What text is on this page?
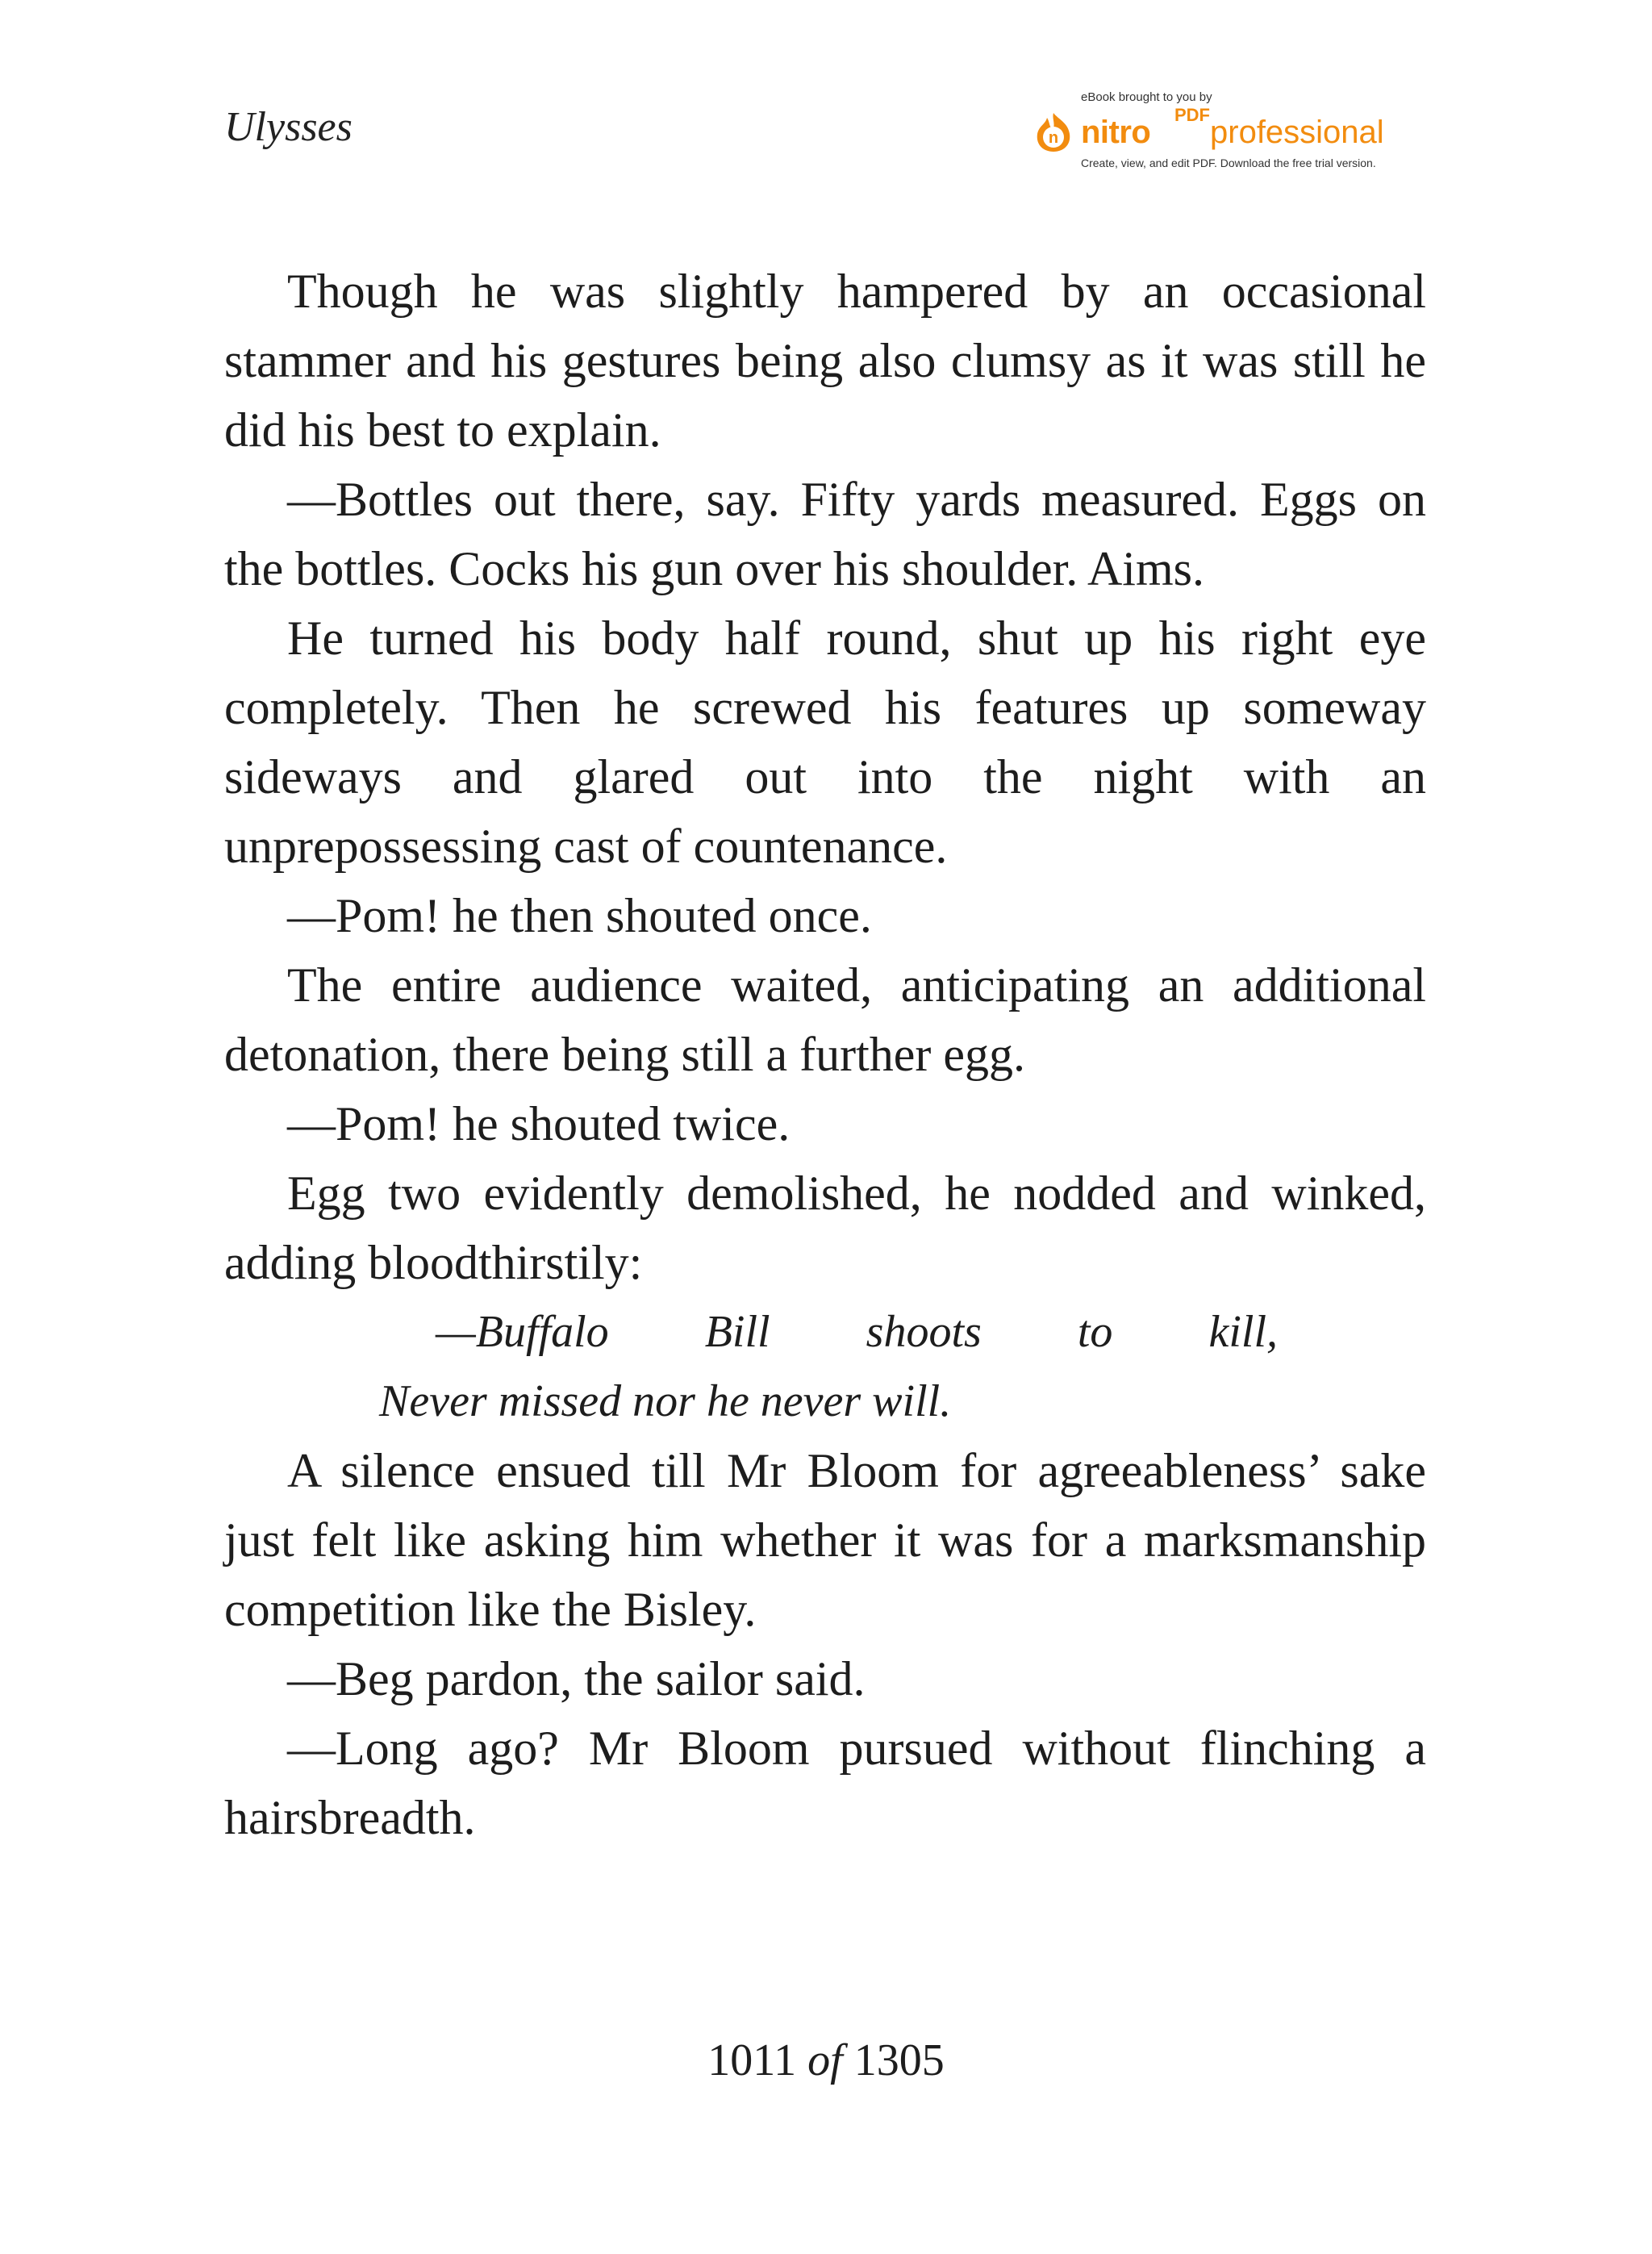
Ulysses
eBook brought to you by
n nitro PDF professional
Create, view, and edit PDF. Download the free trial version.

Though he was slightly hampered by an occasional stammer and his gestures being also clumsy as it was still he did his best to explain.

—Bottles out there, say. Fifty yards measured. Eggs on the bottles. Cocks his gun over his shoulder. Aims.

He turned his body half round, shut up his right eye completely. Then he screwed his features up someway sideways and glared out into the night with an unprepossessing cast of countenance.

—Pom! he then shouted once.

The entire audience waited, anticipating an additional detonation, there being still a further egg.

—Pom! he shouted twice.

Egg two evidently demolished, he nodded and winked, adding bloodthirstily:

—Buffalo Bill shoots to kill,

Never missed nor he never will.

A silence ensued till Mr Bloom for agreeableness’ sake just felt like asking him whether it was for a marksmanship competition like the Bisley.

—Beg pardon, the sailor said.

—Long ago? Mr Bloom pursued without flinching a hairsbreadth.

1011 of 1305
